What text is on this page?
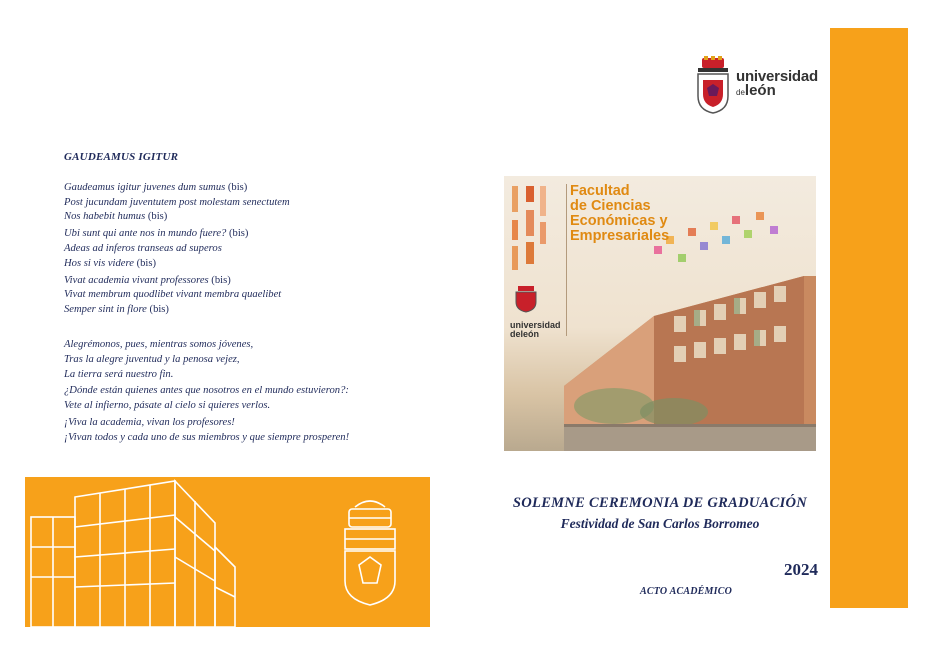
universidad
deleón
GAUDEAMUS IGITUR
Gaudeamus igitur juvenes dum sumus (bis)
Post jucundam juventutem post molestam senectutem
Nos habebit humus (bis)
Ubi sunt qui ante nos in mundo fuere? (bis)
Adeas ad inferos transeas ad superos
Hos si vis videre (bis)
Vivat academia vivant professores (bis)
Vivat membrum quodlibet vivant membra quaelibet
Semper sint in flore (bis)
Alegrémonos, pues, mientras somos jóvenes,
Tras la alegre juventud y la penosa vejez,
La tierra será nuestro fin.
¿Dónde están quienes antes que nosotros en el mundo estuvieron?:
Vete al infierno, pásate al cielo si quieres verlos.
¡Viva la academia, vivan los profesores!
¡Vivan todos y cada uno de sus miembros y que siempre prosperen!
Facultad
de Ciencias
Económicas y
Empresariales
universidad
deleón
SOLEMNE CEREMONIA DE GRADUACIÓN
Festividad de San Carlos Borromeo
2024
ACTO ACADÉMICO
